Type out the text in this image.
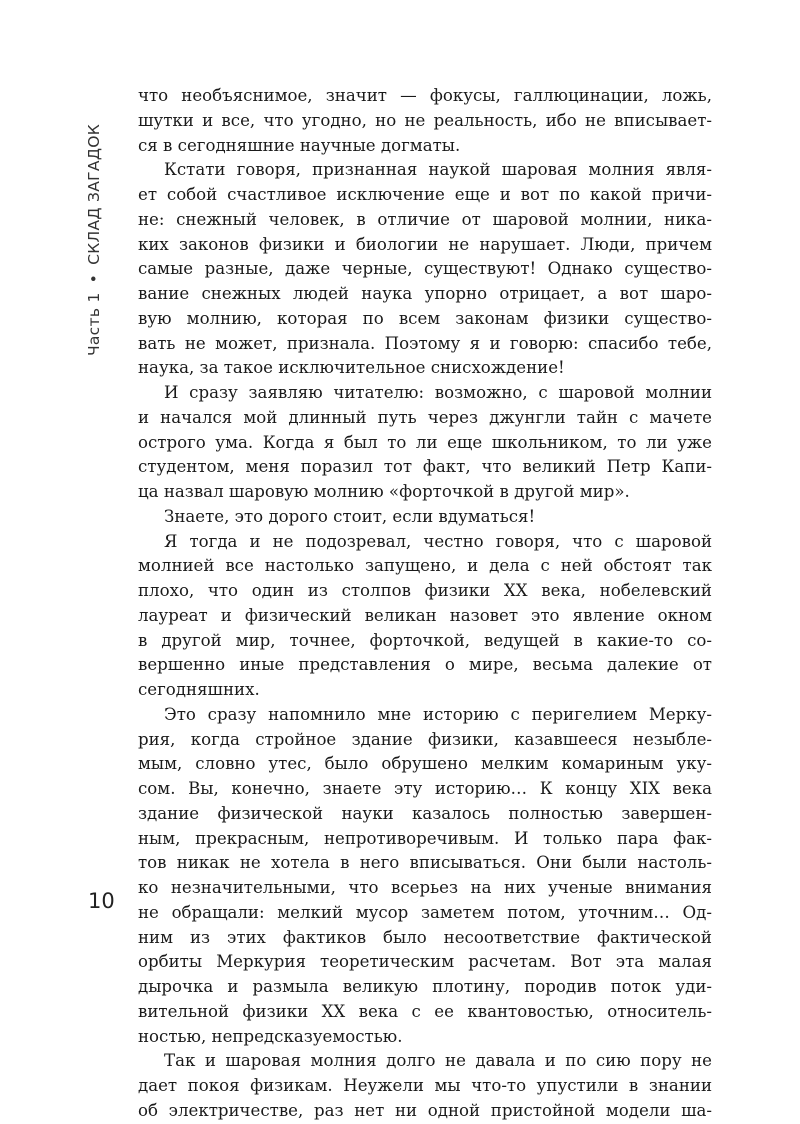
Часть 1•СКЛАД ЗАГАДОК
10
что необъяснимое, значит — фокусы, галлюцинации, ложь,
шутки и все, что угодно, но не реальность, ибо не вписывает-
ся в сегодняшние научные догматы.
Кстати говоря, признанная наукой шаровая молния явля-
ет собой счастливое исключение еще и вот по какой причи-
не: снежный человек, в отличие от шаровой молнии, ника-
ких законов физики и биологии не нарушает. Люди, причем
самые разные, даже черные, существуют! Однако существо-
вание снежных людей наука упорно отрицает, а вот шаро-
вую молнию, которая по всем законам физики существо-
вать не может, признала. Поэтому я и говорю: спасибо тебе,
наука, за такое исключительное снисхождение!
И сразу заявляю читателю: возможно, с шаровой молнии
и начался мой длинный путь через джунгли тайн с мачете
острого ума. Когда я был то ли еще школьником, то ли уже
студентом, меня поразил тот факт, что великий Петр Капи-
ца назвал шаровую молнию «форточкой в другой мир».
Знаете, это дорого стоит, если вдуматься!
Я тогда и не подозревал, честно говоря, что с шаровой
молнией все настолько запущено, и дела с ней обстоят так
плохо, что один из столпов физики XX века, нобелевский
лауреат и физический великан назовет это явление окном
в другой мир, точнее, форточкой, ведущей в какие-то со-
вершенно иные представления о мире, весьма далекие от
сегодняшних.
Это сразу напомнило мне историю с перигелием Мерку-
рия, когда стройное здание физики, казавшееся незыбле-
мым, словно утес, было обрушено мелким комариным уку-
сом. Вы, конечно, знаете эту историю… К концу XIX века
здание физической науки казалось полностью завершен-
ным, прекрасным, непротиворечивым. И только пара фак-
тов никак не хотела в него вписываться. Они были настоль-
ко незначительными, что всерьез на них ученые внимания
не обращали: мелкий мусор заметем потом, уточним… Од-
ним из этих фактиков было несоответствие фактической
орбиты Меркурия теоретическим расчетам. Вот эта малая
дырочка и размыла великую плотину, породив поток уди-
вительной физики XX века с ее квантовостью, относитель-
ностью, непредсказуемостью.
Так и шаровая молния долго не давала и по сию пору не
дает покоя физикам. Неужели мы что-то упустили в знании
об электричестве, раз нет ни одной пристойной модели ша-
